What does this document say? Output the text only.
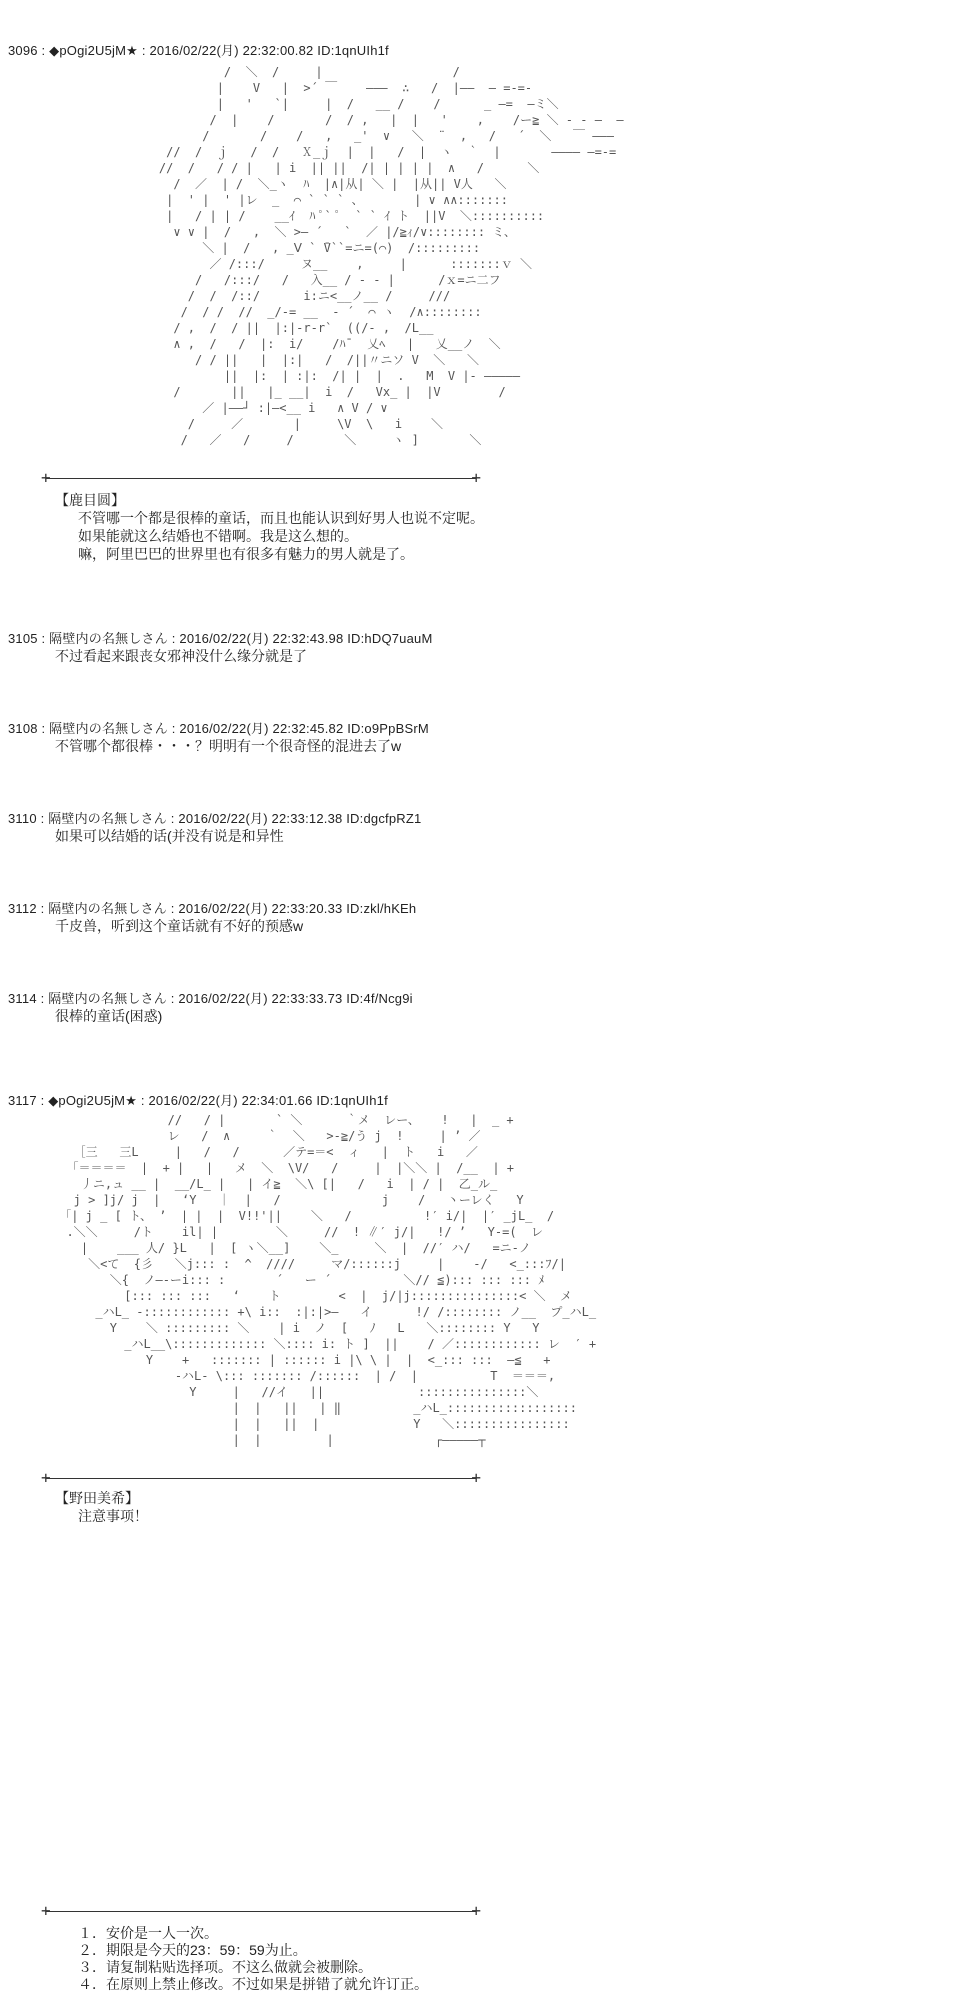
3096 : ◆pOgi2U5jM★ : 2016/02/22(月) 22:32:00.82 ID:1qnUIh1f
/  ＼  /     |                  /
|    V   |  >´ ￣    ―――  ∴   /  |――  ― =‐=‐
|   '   `|     |  /   __ /    /      _ ―=  ―ミ＼
/  |    /       /  / ,   |  |   '    ,    /ー≧ ＼ ‐ ‐ ―  ―
/       /    /   ,   _'  ∨   ＼  ¨  ,   /   ´  ＼   ￣ ―――
//  /  ｊ   /  /   Ⅹ_ｊ  |  |   /  |  ヽ  ｀  |       ―――― ―=‐=
//  /   / / |   | i  || ||  /| | | | |  ∧   /      ＼
/  ／  | /  ＼_ヽ  ﾊ  |∧|从| ＼ |  |从|| V人   ＼
|  ' |  ' |レ  _  ⌒ ` ` ` 、       | ∨ ∧∧:::::::
|   / | | /    __ｲ  ﾊ ﾟ` ﾟ  ` ` ｲ ト  ||V  ＼::::::::::
∨ ∨ |  /   ,  ＼ >― ´   `  ／ |/≧ｨ/∨:::::::: ミ、
＼ |  /   , _Ⅴ ` ̄V``=ニ=(⌒)  /:::::::::
／ /:::/     ヌ__    ,     |      :::::::ｖ ＼
/   /:::/   /   入__ / ‐ ‐ |      /ｘ=ニ二フ
/  /  /::/      i:ニ<__ノ__ /     ///
/  / /  //  _/‐= __  ‐ ´  ⌒ ヽ  /∧::::::::
/ ,  /  / ||  |:|‐r‐r`  ((/‐ ,  /L__
∧ ,  /   /  |:  i/    /ﾊ¯  乂ﾍ   |   乂__ノ  ＼
/ / ||   |  |:|   /  /||〃ニソ V  ＼   ＼
||  |:  | :|:  /| |  |  .   M  V |‐ ―――――
/       ||   |_ __|  i  /   Vx_ |  |V        /
／ |――┘ :|―<__ i   ∧ V / ∨
/     ／       |     \V  \   i    ＼
/   ／   /     /       ＼     ヽ ]       ＼
+ +
【鹿目圆】
不管哪一个都是很棒的童话，而且也能认识到好男人也说不定呢。
如果能就这么结婚也不错啊。我是这么想的。
嘛，阿里巴巴的世界里也有很多有魅力的男人就是了。
3105 : 隔壁内の名無しさん : 2016/02/22(月) 22:32:43.98 ID:hDQ7uauM
不过看起来跟丧女邪神没什么缘分就是了
3108 : 隔壁内の名無しさん : 2016/02/22(月) 22:32:45.82 ID:o9PpBSrM
不管哪个都很棒・・・？明明有一个很奇怪的混进去了w
3110 : 隔壁内の名無しさん : 2016/02/22(月) 22:33:12.38 ID:dgcfpRZ1
如果可以结婚的话(并没有说是和异性
3112 : 隔壁内の名無しさん : 2016/02/22(月) 22:33:20.33 ID:zkl/hKEh
千皮兽，听到这个童话就有不好的预感w
3114 : 隔壁内の名無しさん : 2016/02/22(月) 22:33:33.73 ID:4f/Ncg9i
很棒的童话(困惑)
3117 : ◆pOgi2U5jM★ : 2016/02/22(月) 22:34:01.66 ID:1qnUIh1f
//   / |       ` ＼      ｀メ  レー、   !   |  _ +
レ   /  ∧     ｀  ＼   >‐≧/う j  !     | ’ ／
［三   三L     |   /   /      ／テ=＝<  ィ   |  ト   i   ／
「＝＝＝＝  |  + |   |   メ  ＼  \V/   /     |  |＼＼ |  /__  | +
丿ニ,ュ __ |  __/L_ |   | イ≧  ＼\ [|   /   i  | / |  乙_ル_
j > ]j/ j  |   ‘Y   ｜  |   /              j    /   丶ーレく   Y
「| j _ [ ト、 ’  | |  |  V!!'||    ＼   /          !′ i/|  |′ _jL_  /
.＼＼     /ト    il| |        ＼     //  ! ∥′ j/|   !/ ’   Y‐=(  レ
|    ___ 人/ }L   |  [ ヽ＼__]    ＼_     ＼  |  //′ ハ/   =ニ‐ノ
＼<て  {彡   ＼j::: :  ^  ////     マ/::::::j     |    -/   <_:::ﾌ/|
＼{  ノ―‐ーi::: :       ´   ー ´          ＼// ≦)::: ::: ::: ﾒ
[::: ::: :::   ‘    ト        <  |  j/|j:::::::::::::::< ＼  メ
_ハL_ ‐:::::::::::: +\ i::  :|:|>―   イ      !/ /:::::::: ノ__  プ_ハL_
Y    ＼ ::::::::: ＼    | i  ノ  [   ﾉ   L   ＼:::::::: Y   Y
_ハL__\::::::::::::: ＼:::: i: ト ]  ||    / ／:::::::::::: レ  ′ +
Y    +   ::::::: | :::::: i |\ \ |  |  <_::: :::  ―≦   +
‐ハL‐ \::: ::::::: /::::::  | /  |          T  ＝＝＝,
Y     |   //イ   ||             :::::::::::::::＼
|  |   ||   | ‖          _ハL_::::::::::::::::::
|  |   ||  |             Y   ＼::::::::::::::::
|  |         |              ┌―――――┬
+ +
【野田美希】
注意事项！
+ +
１．安价是一人一次。
２．期限是今天的23：59：59为止。
３．请复制粘贴选择项。不这么做就会被删除。
４．在原则上禁止修改。不过如果是拼错了就允许订正。
